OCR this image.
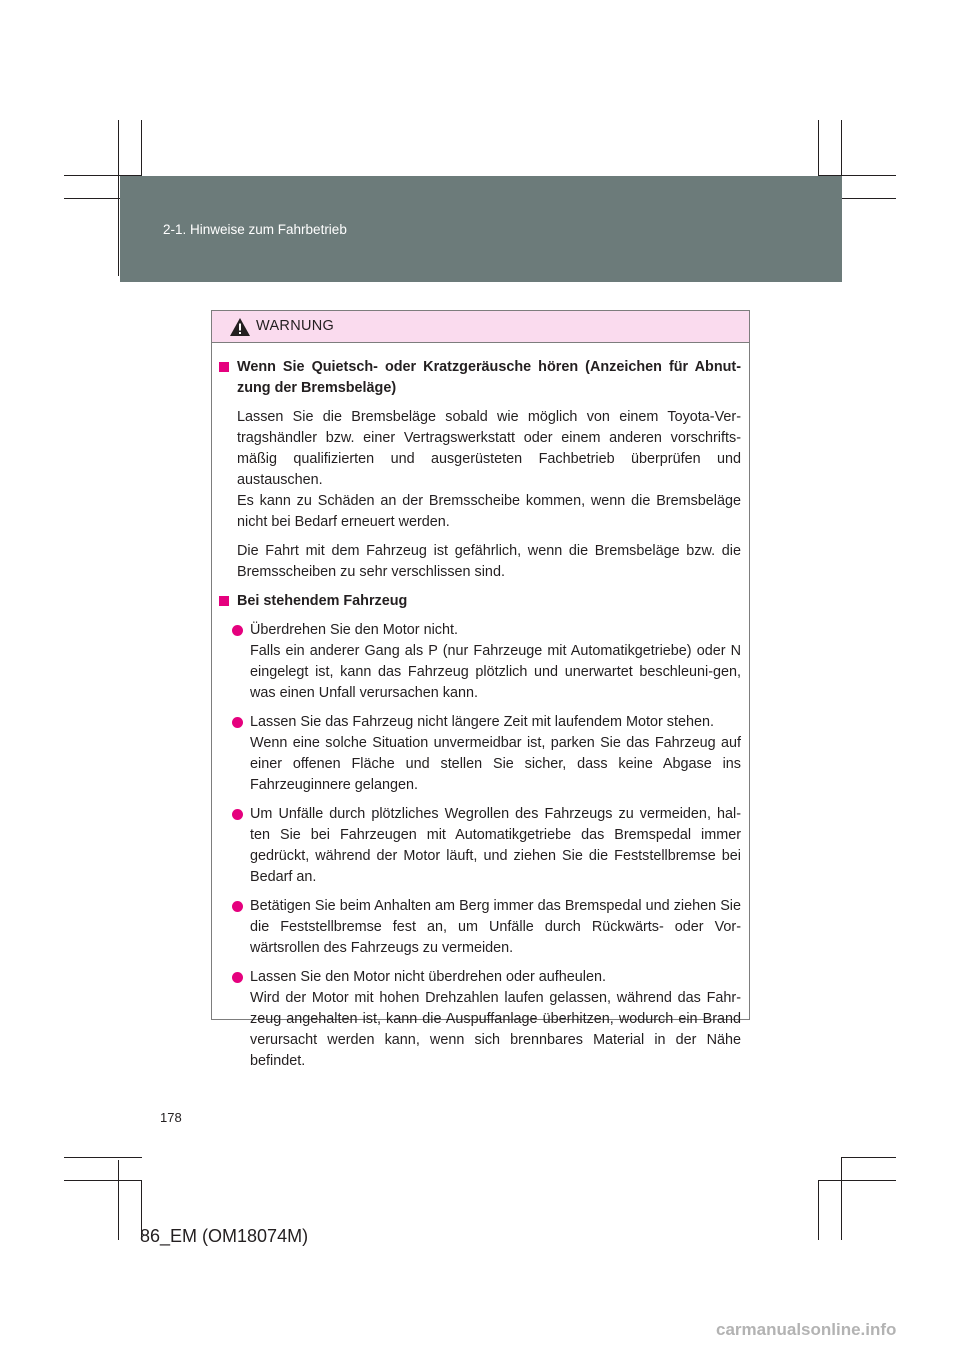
2-1. Hinweise zum Fahrbetrieb
WARNUNG
Wenn Sie Quietsch- oder Kratzgeräusche hören (Anzeichen für Abnut-zung der Bremsbeläge)
Lassen Sie die Bremsbeläge sobald wie möglich von einem Toyota-Ver-tragshändler bzw. einer Vertragswerkstatt oder einem anderen vorschrifts-mäßig qualifizierten und ausgerüsteten Fachbetrieb überprüfen und austauschen.
Es kann zu Schäden an der Bremsscheibe kommen, wenn die Bremsbeläge nicht bei Bedarf erneuert werden.
Die Fahrt mit dem Fahrzeug ist gefährlich, wenn die Bremsbeläge bzw. die Bremsscheiben zu sehr verschlissen sind.
Bei stehendem Fahrzeug
Überdrehen Sie den Motor nicht.
Falls ein anderer Gang als P (nur Fahrzeuge mit Automatikgetriebe) oder N eingelegt ist, kann das Fahrzeug plötzlich und unerwartet beschleuni-gen, was einen Unfall verursachen kann.
Lassen Sie das Fahrzeug nicht längere Zeit mit laufendem Motor stehen.
Wenn eine solche Situation unvermeidbar ist, parken Sie das Fahrzeug auf einer offenen Fläche und stellen Sie sicher, dass keine Abgase ins Fahrzeuginnere gelangen.
Um Unfälle durch plötzliches Wegrollen des Fahrzeugs zu vermeiden, hal-ten Sie bei Fahrzeugen mit Automatikgetriebe das Bremspedal immer gedrückt, während der Motor läuft, und ziehen Sie die Feststellbremse bei Bedarf an.
Betätigen Sie beim Anhalten am Berg immer das Bremspedal und ziehen Sie die Feststellbremse fest an, um Unfälle durch Rückwärts- oder Vor-wärtsrollen des Fahrzeugs zu vermeiden.
Lassen Sie den Motor nicht überdrehen oder aufheulen.
Wird der Motor mit hohen Drehzahlen laufen gelassen, während das Fahr-zeug angehalten ist, kann die Auspuffanlage überhitzen, wodurch ein Brand verursacht werden kann, wenn sich brennbares Material in der Nähe befindet.
178
86_EM (OM18074M)
carmanualsonline.info
